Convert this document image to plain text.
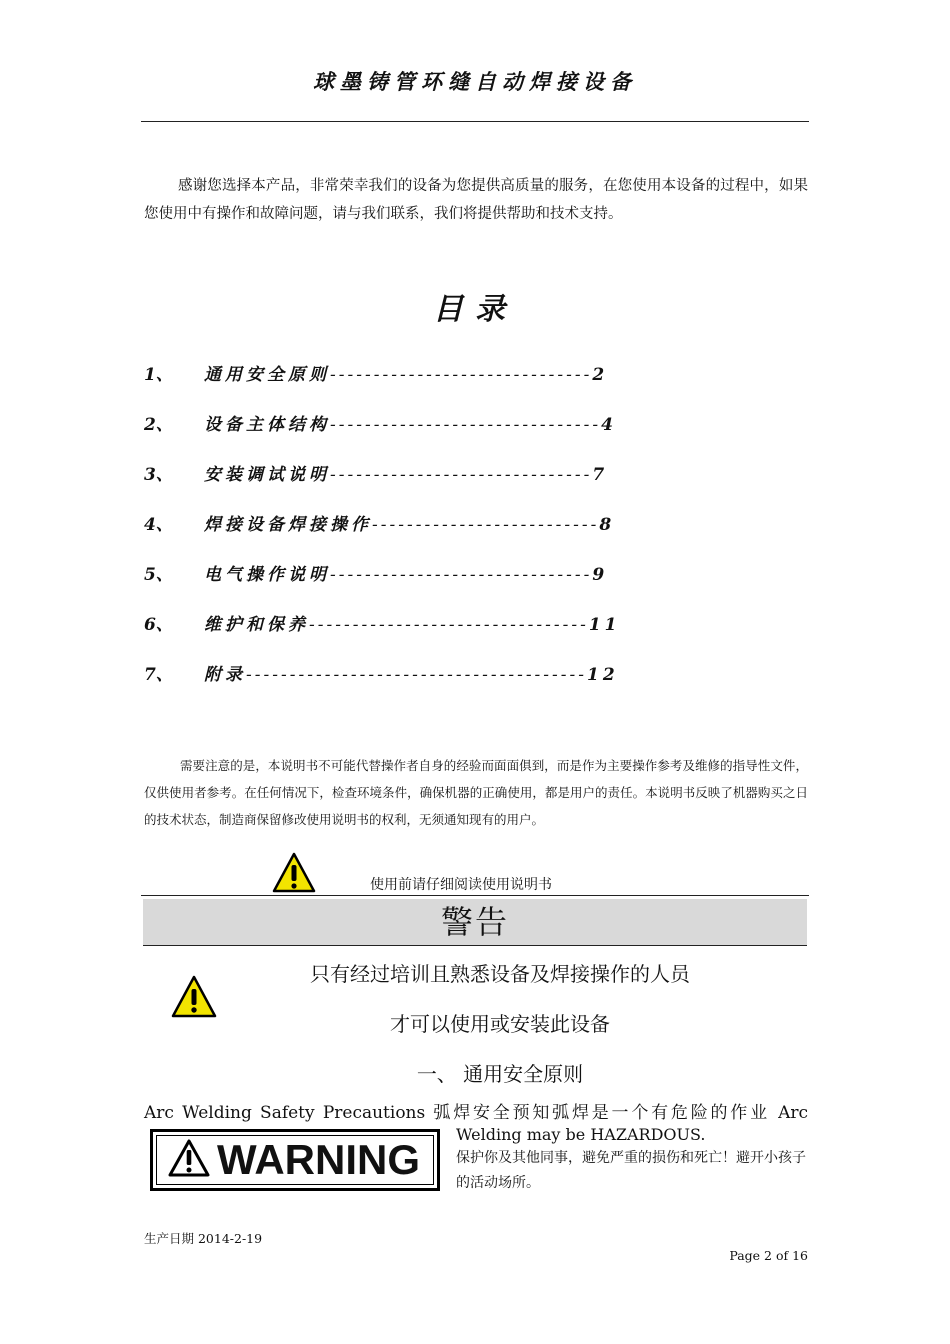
球墨铸管环缝自动焊接设备
感谢您选择本产品，非常荣幸我们的设备为您提供高质量的服务，在您使用本设备的过程中，如果您使用中有操作和故障问题，请与我们联系，我们将提供帮助和技术支持。
目录
1、 通用安全原则------------------------------2
2、 设备主体结构-------------------------------4
3、 安装调试说明------------------------------7
4、 焊接设备焊接操作--------------------------8
5、 电气操作说明------------------------------9
6、 维护和保养--------------------------------11
7、 附录---------------------------------------12
需要注意的是，本说明书不可能代替操作者自身的经验而面面俱到，而是作为主要操作参考及维修的指导性文件，仅供使用者参考。在任何情况下，检查环境条件，确保机器的正确使用，都是用户的责任。本说明书反映了机器购买之日的技术状态，制造商保留修改使用说明书的权利，无须通知现有的用户。
使用前请仔细阅读使用说明书
警告
只有经过培训且熟悉设备及焊接操作的人员
才可以使用或安装此设备
一、 通用安全原则
Arc Welding Safety Precautions 弧焊安全预知弧焊是一个有危险的作业 Arc
WARNING
Welding may be HAZARDOUS.
保护你及其他同事，避免严重的损伤和死亡！避开小孩子的活动场所。
生产日期 2014-2-19
Page 2 of 16
